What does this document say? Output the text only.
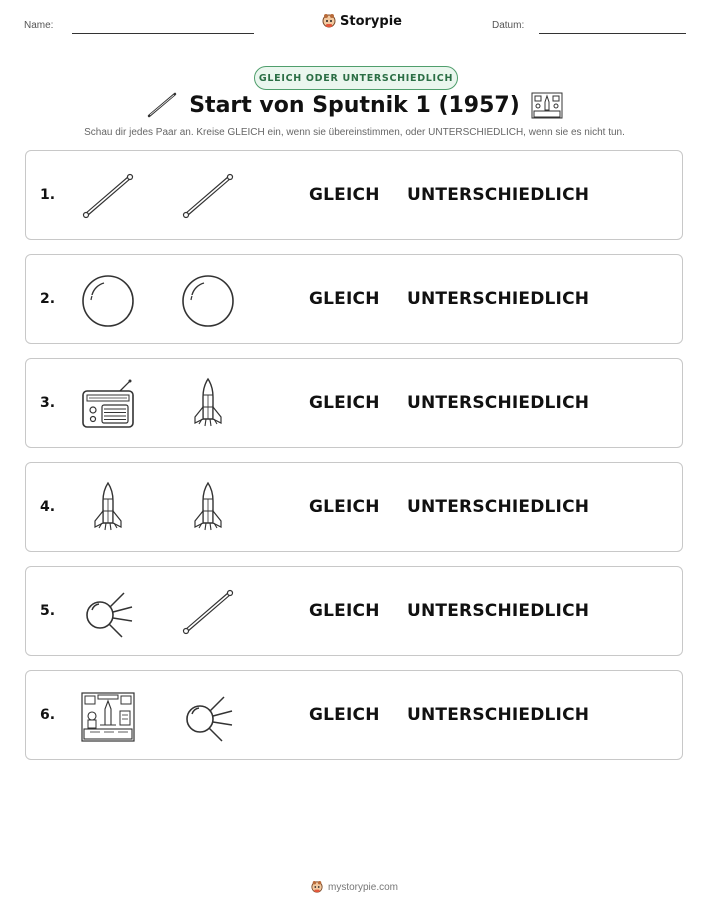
Name:	Storypie	Datum:
GLEICH ODER UNTERSCHIEDLICH
Start von Sputnik 1 (1957)
Schau dir jedes Paar an. Kreise GLEICH ein, wenn sie übereinstimmen, oder UNTERSCHIEDLICH, wenn sie es nicht tun.
1.	GLEICH UNTERSCHIEDLICH
2.	GLEICH UNTERSCHIEDLICH
3.	GLEICH UNTERSCHIEDLICH
4.	GLEICH UNTERSCHIEDLICH
5.	GLEICH UNTERSCHIEDLICH
6.	GLEICH UNTERSCHIEDLICH
mystorypie.com
